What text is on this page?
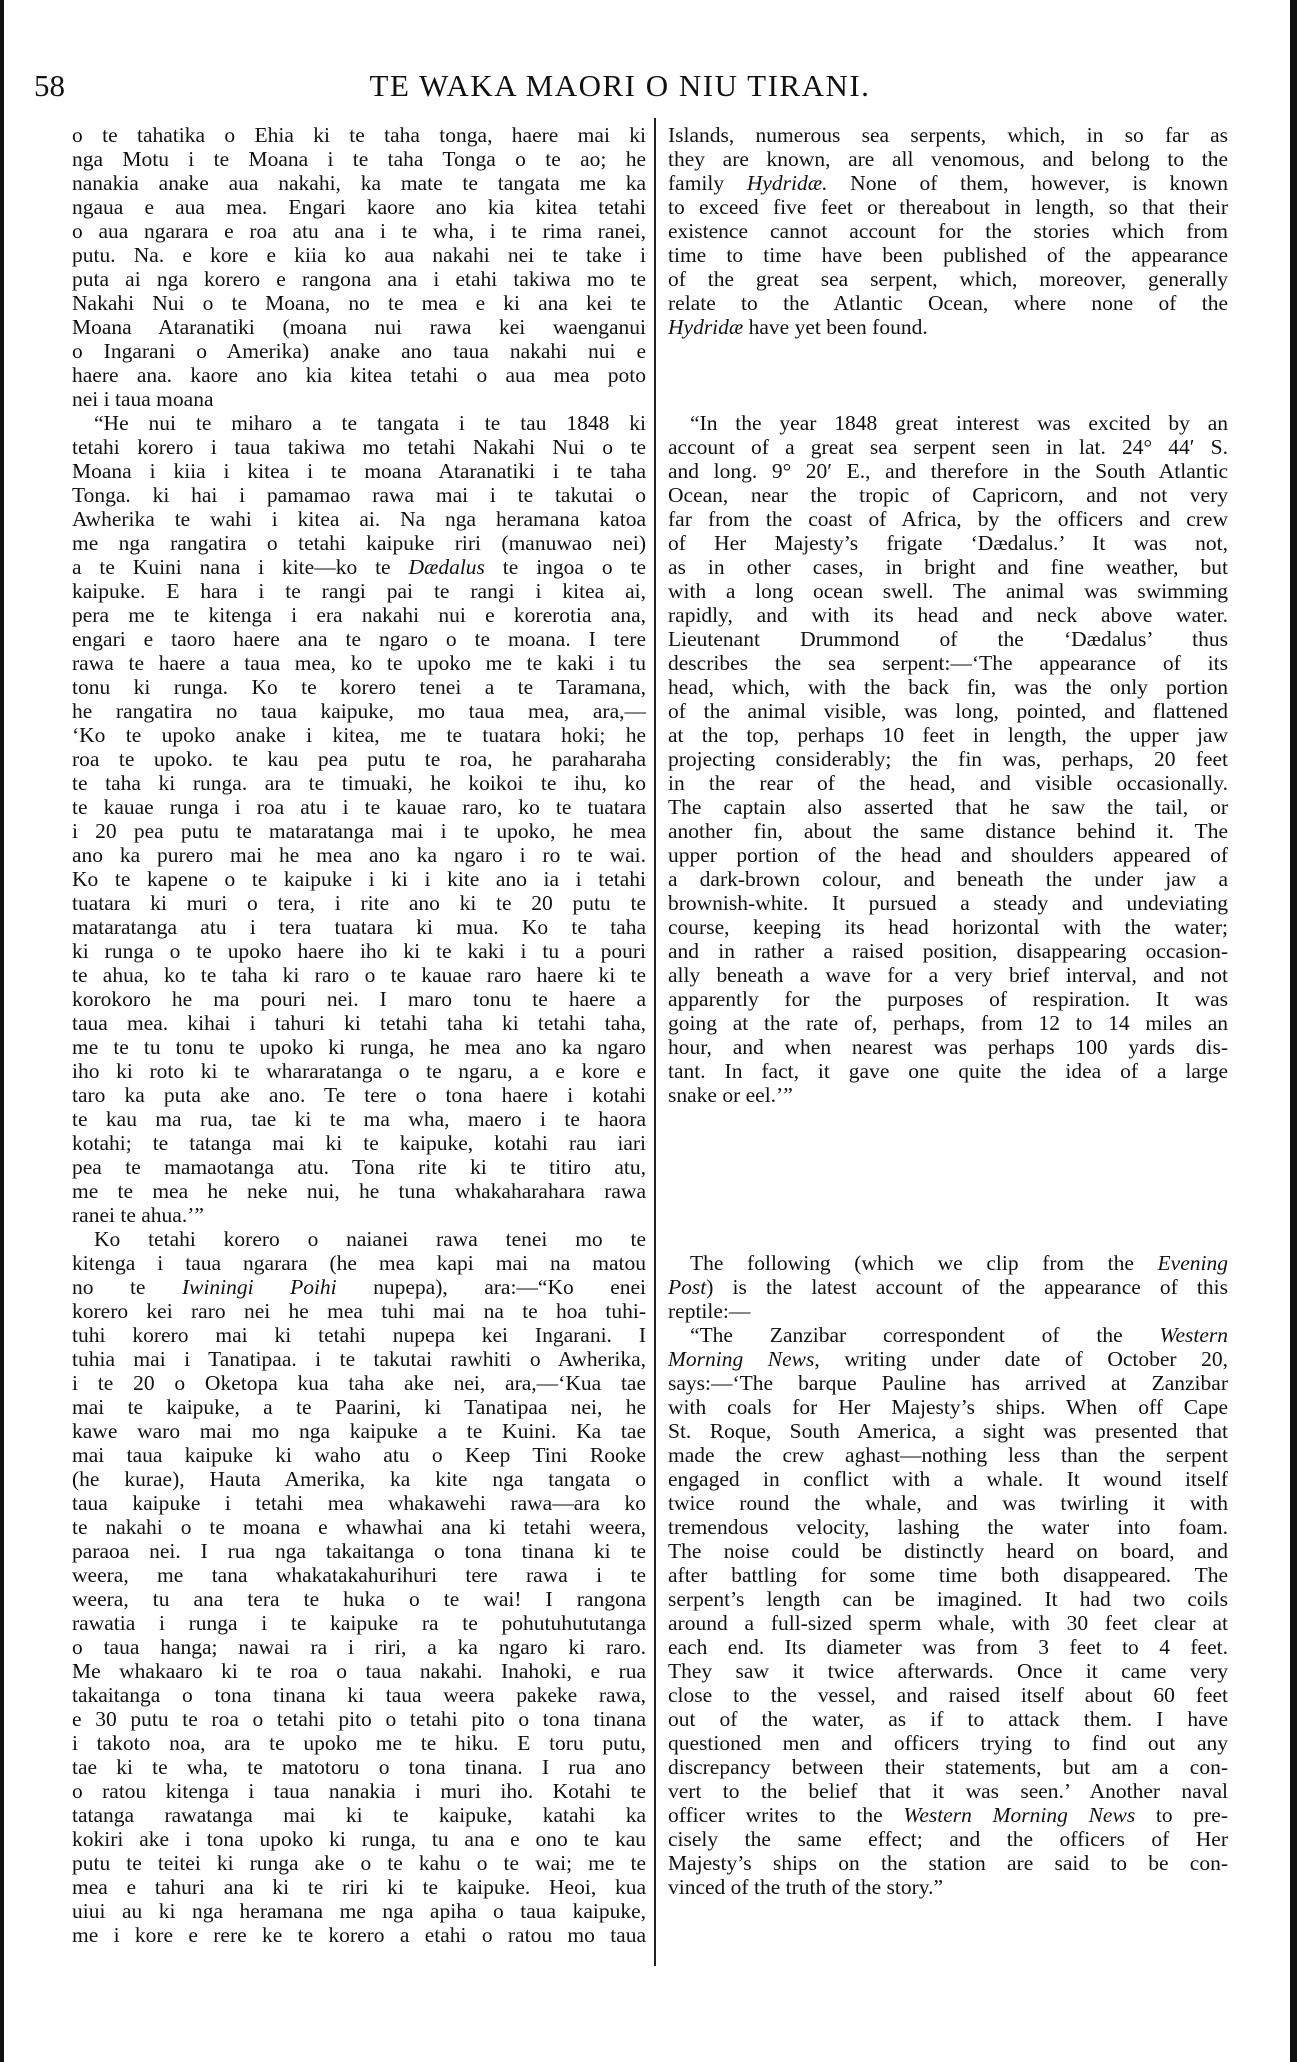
58	TE WAKA MAORI O NIU TIRANI.
o te tahatika o Ehia ki te taha tonga, haere mai ki
nga Motu i te Moana i te taha Tonga o te ao; he
nanakia anake aua nakahi, ka mate te tangata me ka
ngaua e aua mea. Engari kaore ano kia kitea tetahi
o aua ngarara e roa atu ana i te wha, i te rima ranei,
putu. Na. e kore e kiia ko aua nakahi nei te take i
puta ai nga korero e rangona ana i etahi takiwa mo te
Nakahi Nui o te Moana, no te mea e ki ana kei te
Moana Ataranatiki (moana nui rawa kei waenganui
o Ingarani o Amerika) anake ano taua nakahi nui e
haere ana. kaore ano kia kitea tetahi o aua mea poto
nei i taua moana
“He nui te miharo a te tangata i te tau 1848 ki
tetahi korero i taua takiwa mo tetahi Nakahi Nui o te
Moana i kiia i kitea i te moana Ataranatiki i te taha
Tonga. ki hai i pamamao rawa mai i te takutai o
Awherika te wahi i kitea ai. Na nga heramana katoa
me nga rangatira o tetahi kaipuke riri (manuwao nei)
a te Kuini nana i kite—ko te Dædalus te ingoa o te
kaipuke. E hara i te rangi pai te rangi i kitea ai,
pera me te kitenga i era nakahi nui e korerotia ana,
engari e taoro haere ana te ngaro o te moana. I tere
rawa te haere a taua mea, ko te upoko me te kaki i tu
tonu ki runga. Ko te korero tenei a te Taramana,
he rangatira no taua kaipuke, mo taua mea, ara,—
‘Ko te upoko anake i kitea, me te tuatara hoki; he
roa te upoko. te kau pea putu te roa, he paraharaha
te taha ki runga. ara te timuaki, he koikoi te ihu, ko
te kauae runga i roa atu i te kauae raro, ko te tuatara
i 20 pea putu te mataratanga mai i te upoko, he mea
ano ka purero mai he mea ano ka ngaro i ro te wai.
Ko te kapene o te kaipuke i ki i kite ano ia i tetahi
tuatara ki muri o tera, i rite ano ki te 20 putu te
mataratanga atu i tera tuatara ki mua. Ko te taha
ki runga o te upoko haere iho ki te kaki i tu a pouri
te ahua, ko te taha ki raro o te kauae raro haere ki te
korokoro he ma pouri nei. I maro tonu te haere a
taua mea. kihai i tahuri ki tetahi taha ki tetahi taha,
me te tu tonu te upoko ki runga, he mea ano ka ngaro
iho ki roto ki te whararatanga o te ngaru, a e kore e
taro ka puta ake ano. Te tere o tona haere i kotahi
te kau ma rua, tae ki te ma wha, maero i te haora
kotahi; te tatanga mai ki te kaipuke, kotahi rau iari
pea te mamaotanga atu. Tona rite ki te titiro atu,
me te mea he neke nui, he tuna whakaharahara rawa
ranei te ahua.’”
Ko tetahi korero o naianei rawa tenei mo te
kitenga i taua ngarara (he mea kapi mai na matou
no te Iwiningi Poihi nupepa), ara:—“Ko enei
korero kei raro nei he mea tuhi mai na te hoa tuhi-
tuhi korero mai ki tetahi nupepa kei Ingarani. I
tuhia mai i Tanatipaa. i te takutai rawhiti o Awherika,
i te 20 o Oketopa kua taha ake nei, ara,—‘Kua tae
mai te kaipuke, a te Paarini, ki Tanatipaa nei, he
kawe waro mai mo nga kaipuke a te Kuini. Ka tae
mai taua kaipuke ki waho atu o Keep Tini Rooke
(he kurae), Hauta Amerika, ka kite nga tangata o
taua kaipuke i tetahi mea whakawehi rawa—ara ko
te nakahi o te moana e whawhai ana ki tetahi weera,
paraoa nei. I rua nga takaitanga o tona tinana ki te
weera, me tana whakatakahurihuri tere rawa i te
weera, tu ana tera te huka o te wai! I rangona
rawatia i runga i te kaipuke ra te pohutuhututanga
o taua hanga; nawai ra i riri, a ka ngaro ki raro.
Me whakaaro ki te roa o taua nakahi. Inahoki, e rua
takaitanga o tona tinana ki taua weera pakeke rawa,
e 30 putu te roa o tetahi pito o tetahi pito o tona tinana
i takoto noa, ara te upoko me te hiku. E toru putu,
tae ki te wha, te matotoru o tona tinana. I rua ano
o ratou kitenga i taua nanakia i muri iho. Kotahi te
tatanga rawatanga mai ki te kaipuke, katahi ka
kokiri ake i tona upoko ki runga, tu ana e ono te kau
putu te teitei ki runga ake o te kahu o te wai; me te
mea e tahuri ana ki te riri ki te kaipuke. Heoi, kua
uiui au ki nga heramana me nga apiha o taua kaipuke,
me i kore e rere ke te korero a etahi o ratou mo taua
Islands, numerous sea serpents, which, in so far as
they are known, are all venomous, and belong to the
family Hydridæ. None of them, however, is known
to exceed five feet or thereabout in length, so that their
existence cannot account for the stories which from
time to time have been published of the appearance
of the great sea serpent, which, moreover, generally
relate to the Atlantic Ocean, where none of the
Hydridæ have yet been found.
“In the year 1848 great interest was excited by an
account of a great sea serpent seen in lat. 24° 44′ S.
and long. 9° 20′ E., and therefore in the South Atlantic
Ocean, near the tropic of Capricorn, and not very
far from the coast of Africa, by the officers and crew
of Her Majesty’s frigate ‘Dædalus.’ It was not,
as in other cases, in bright and fine weather, but
with a long ocean swell. The animal was swimming
rapidly, and with its head and neck above water.
Lieutenant Drummond of the ‘Dædalus’ thus
describes the sea serpent:—‘The appearance of its
head, which, with the back fin, was the only portion
of the animal visible, was long, pointed, and flattened
at the top, perhaps 10 feet in length, the upper jaw
projecting considerably; the fin was, perhaps, 20 feet
in the rear of the head, and visible occasionally.
The captain also asserted that he saw the tail, or
another fin, about the same distance behind it. The
upper portion of the head and shoulders appeared of
a dark-brown colour, and beneath the under jaw a
brownish-white. It pursued a steady and undeviating
course, keeping its head horizontal with the water;
and in rather a raised position, disappearing occasion-
ally beneath a wave for a very brief interval, and not
apparently for the purposes of respiration. It was
going at the rate of, perhaps, from 12 to 14 miles an
hour, and when nearest was perhaps 100 yards dis-
tant. In fact, it gave one quite the idea of a large
snake or eel.’”
The following (which we clip from the Evening
Post) is the latest account of the appearance of this
reptile:—
“The Zanzibar correspondent of the Western
Morning News, writing under date of October 20,
says:—‘The barque Pauline has arrived at Zanzibar
with coals for Her Majesty’s ships. When off Cape
St. Roque, South America, a sight was presented that
made the crew aghast—nothing less than the serpent
engaged in conflict with a whale. It wound itself
twice round the whale, and was twirling it with
tremendous velocity, lashing the water into foam.
The noise could be distinctly heard on board, and
after battling for some time both disappeared. The
serpent’s length can be imagined. It had two coils
around a full-sized sperm whale, with 30 feet clear at
each end. Its diameter was from 3 feet to 4 feet.
They saw it twice afterwards. Once it came very
close to the vessel, and raised itself about 60 feet
out of the water, as if to attack them. I have
questioned men and officers trying to find out any
discrepancy between their statements, but am a con-
vert to the belief that it was seen.’ Another naval
officer writes to the Western Morning News to pre-
cisely the same effect; and the officers of Her
Majesty’s ships on the station are said to be con-
vinced of the truth of the story.”
